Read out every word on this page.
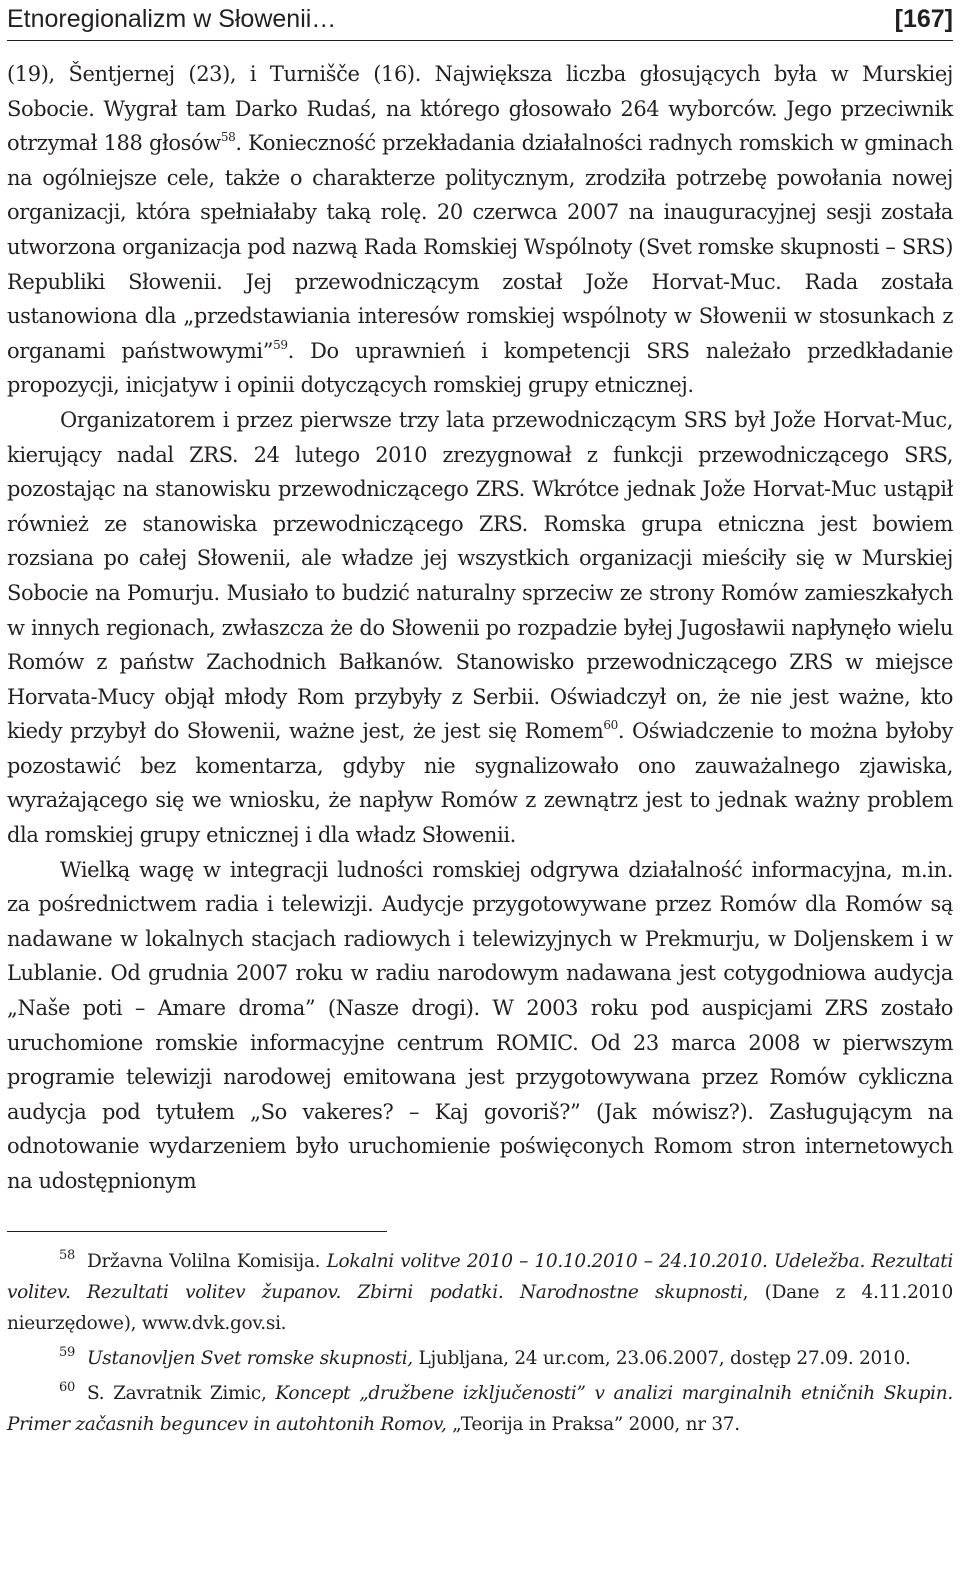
Etnoregionalizm w Słowenii…	[167]

(19), Šentjernej (23), i Turnišče (16). Największa liczba głosujących była w Murskiej Sobocie. Wygrał tam Darko Rudaś, na którego głosowało 264 wyborców. Jego przeciwnik otrzymał 188 głosów$^{58}$. Konieczność przekładania działalności radnych romskich w gminach na ogólniejsze cele, także o charakterze politycznym, zrodziła potrzebę powołania nowej organizacji, która spełniałaby taką rolę. 20 czerwca 2007 na inauguracyjnej sesji została utworzona organizacja pod nazwą Rada Romskiej Wspólnoty (Svet romske skupnosti – SRS) Republiki Słowenii. Jej przewodniczącym został Jože Horvat-Muc. Rada została ustanowiona dla „przedstawiania interesów romskiej wspólnoty w Słowenii w stosunkach z organami państwowymi”$^{59}$. Do uprawnień i kompetencji SRS należało przedkładanie propozycji, inicjatyw i opinii dotyczących romskiej grupy etnicznej.

Organizatorem i przez pierwsze trzy lata przewodniczącym SRS był Jože Horvat-Muc, kierujący nadal ZRS. 24 lutego 2010 zrezygnował z funkcji przewodniczącego SRS, pozostając na stanowisku przewodniczącego ZRS. Wkrótce jednak Jože Horvat-Muc ustąpił również ze stanowiska przewodniczącego ZRS. Romska grupa etniczna jest bowiem rozsiana po całej Słowenii, ale władze jej wszystkich organizacji mieściły się w Murskiej Sobocie na Pomurju. Musiało to budzić naturalny sprzeciw ze strony Romów zamieszkałych w innych regionach, zwłaszcza że do Słowenii po rozpadzie byłej Jugosławii napłynęło wielu Romów z państw Zachodnich Bałkanów. Stanowisko przewodniczącego ZRS w miejsce Horvata-Mucy objął młody Rom przybyły z Serbii. Oświadczył on, że nie jest ważne, kto kiedy przybył do Słowenii, ważne jest, że jest się Romem$^{60}$. Oświadczenie to można byłoby pozostawić bez komentarza, gdyby nie sygnalizowało ono zauważalnego zjawiska, wyrażającego się we wniosku, że napływ Romów z zewnątrz jest to jednak ważny problem dla romskiej grupy etnicznej i dla władz Słowenii.

Wielką wagę w integracji ludności romskiej odgrywa działalność informacyjna, m.in. za pośrednictwem radia i telewizji. Audycje przygotowywane przez Romów dla Romów są nadawane w lokalnych stacjach radiowych i telewizyjnych w Prekmurju, w Doljenskem i w Lublanie. Od grudnia 2007 roku w radiu narodowym nadawana jest cotygodniowa audycja „Naše poti – Amare droma” (Nasze drogi). W 2003 roku pod auspicjami ZRS zostało uruchomione romskie informacyjne centrum ROMIC. Od 23 marca 2008 w pierwszym programie telewizji narodowej emitowana jest przygotowywana przez Romów cykliczna audycja pod tytułem „So vakeres? – Kaj govoriš?” (Jak mówisz?). Zasługującym na odnotowanie wydarzeniem było uruchomienie poświęconych Romom stron internetowych na udostępnionym

$^{58}$ Državna Volilna Komisija. Lokalni volitve 2010 – 10.10.2010 – 24.10.2010. Udeležba. Rezultati volitev. Rezultati volitev županov. Zbirni podatki. Narodnostne skupnosti, (Dane z 4.11.2010 nieurzędowe), www.dvk.gov.si.

$^{59}$ Ustanovljen Svet romske skupnosti, Ljubljana, 24 ur.com, 23.06.2007, dostęp 27.09. 2010.

$^{60}$ S. Zavratnik Zimic, Koncept „družbene izključenosti” v analizi marginalnih etničnih Skupin. Primer začasnih beguncev in autohtonih Romov, „Teorija in Praksa” 2000, nr 37.
